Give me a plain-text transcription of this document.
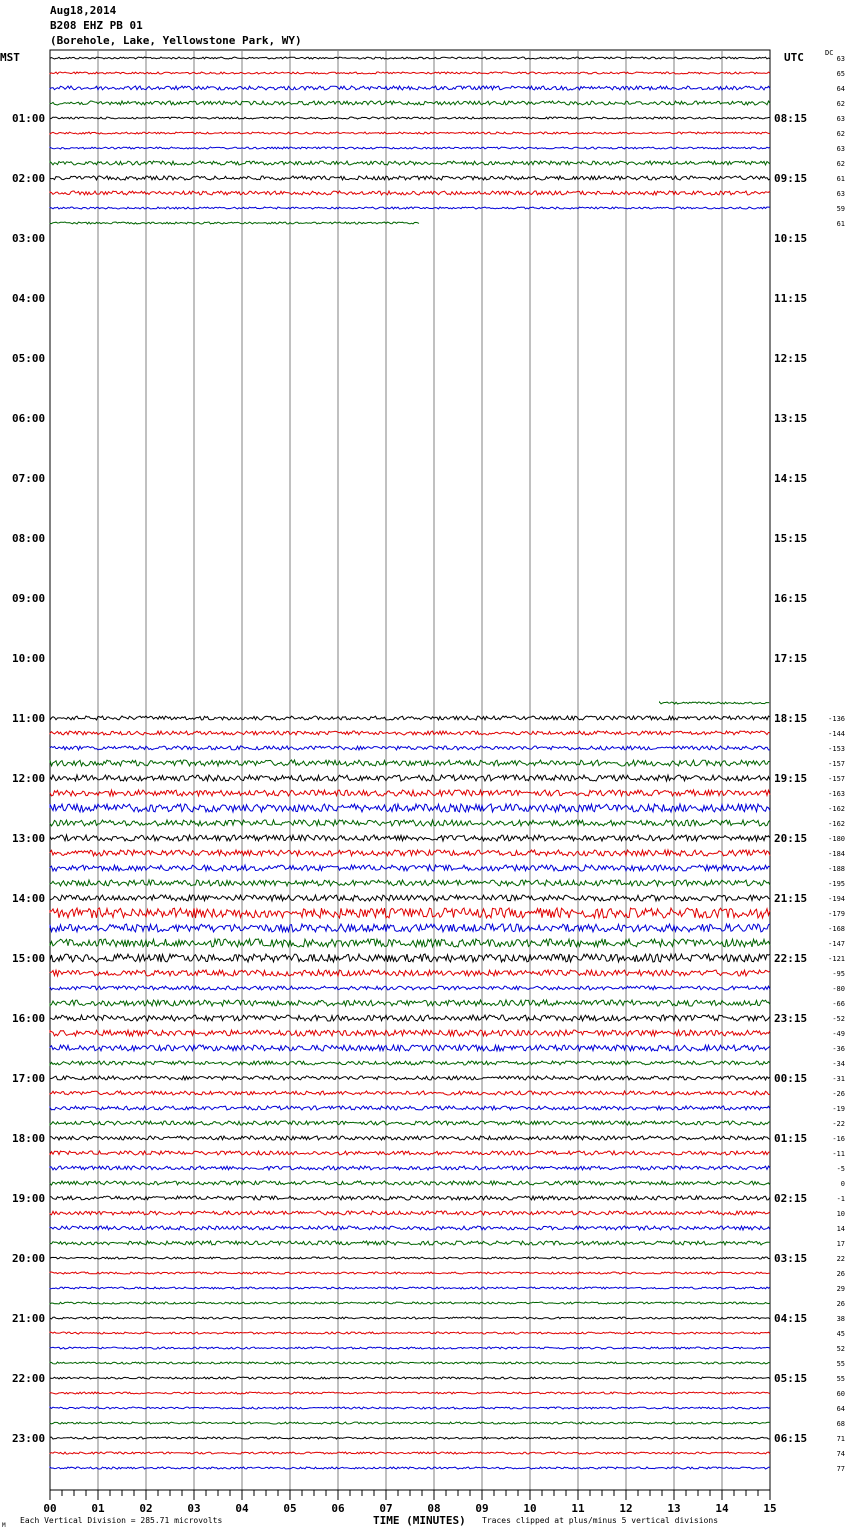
Aug18,2014
B208 EHZ PB 01
(Borehole, Lake, Yellowstone Park, WY)
00	01	02	03	04	05	06	07	08	09	10	11	12	13	14	15
01:00
02:00
03:00
04:00
05:00
06:00
07:00
08:00
09:00
10:00
11:00
12:00
13:00
14:00
15:00
16:00
17:00
18:00
19:00
20:00
21:00
22:00
23:00
08:15
09:15
10:15
11:15
12:15
13:15
14:15
15:15
16:15
17:15
18:15
19:15
20:15
21:15
22:15
23:15
00:15
01:15
02:15
03:15
04:15
05:15
06:15
63
65
64
62
63
62
63
62
61
63
59
61
-136
-144
-153
-157
-157
-163
-162
-162
-180
-184
-188
-195
-194
-179
-168
-147
-121
-95
-80
-66
-52
-49
-36
-34
-31
-26
-19
-22
-16
-11
-5
0
-1
10
14
17
22
26
29
26
38
45
52
55
55
60
64
68
71
74
77
MST	UTC	DC
Each Vertical Division = 285.71 microvolts	TIME (MINUTES) Traces clipped at plus/minus 5 vertical divisions
M
